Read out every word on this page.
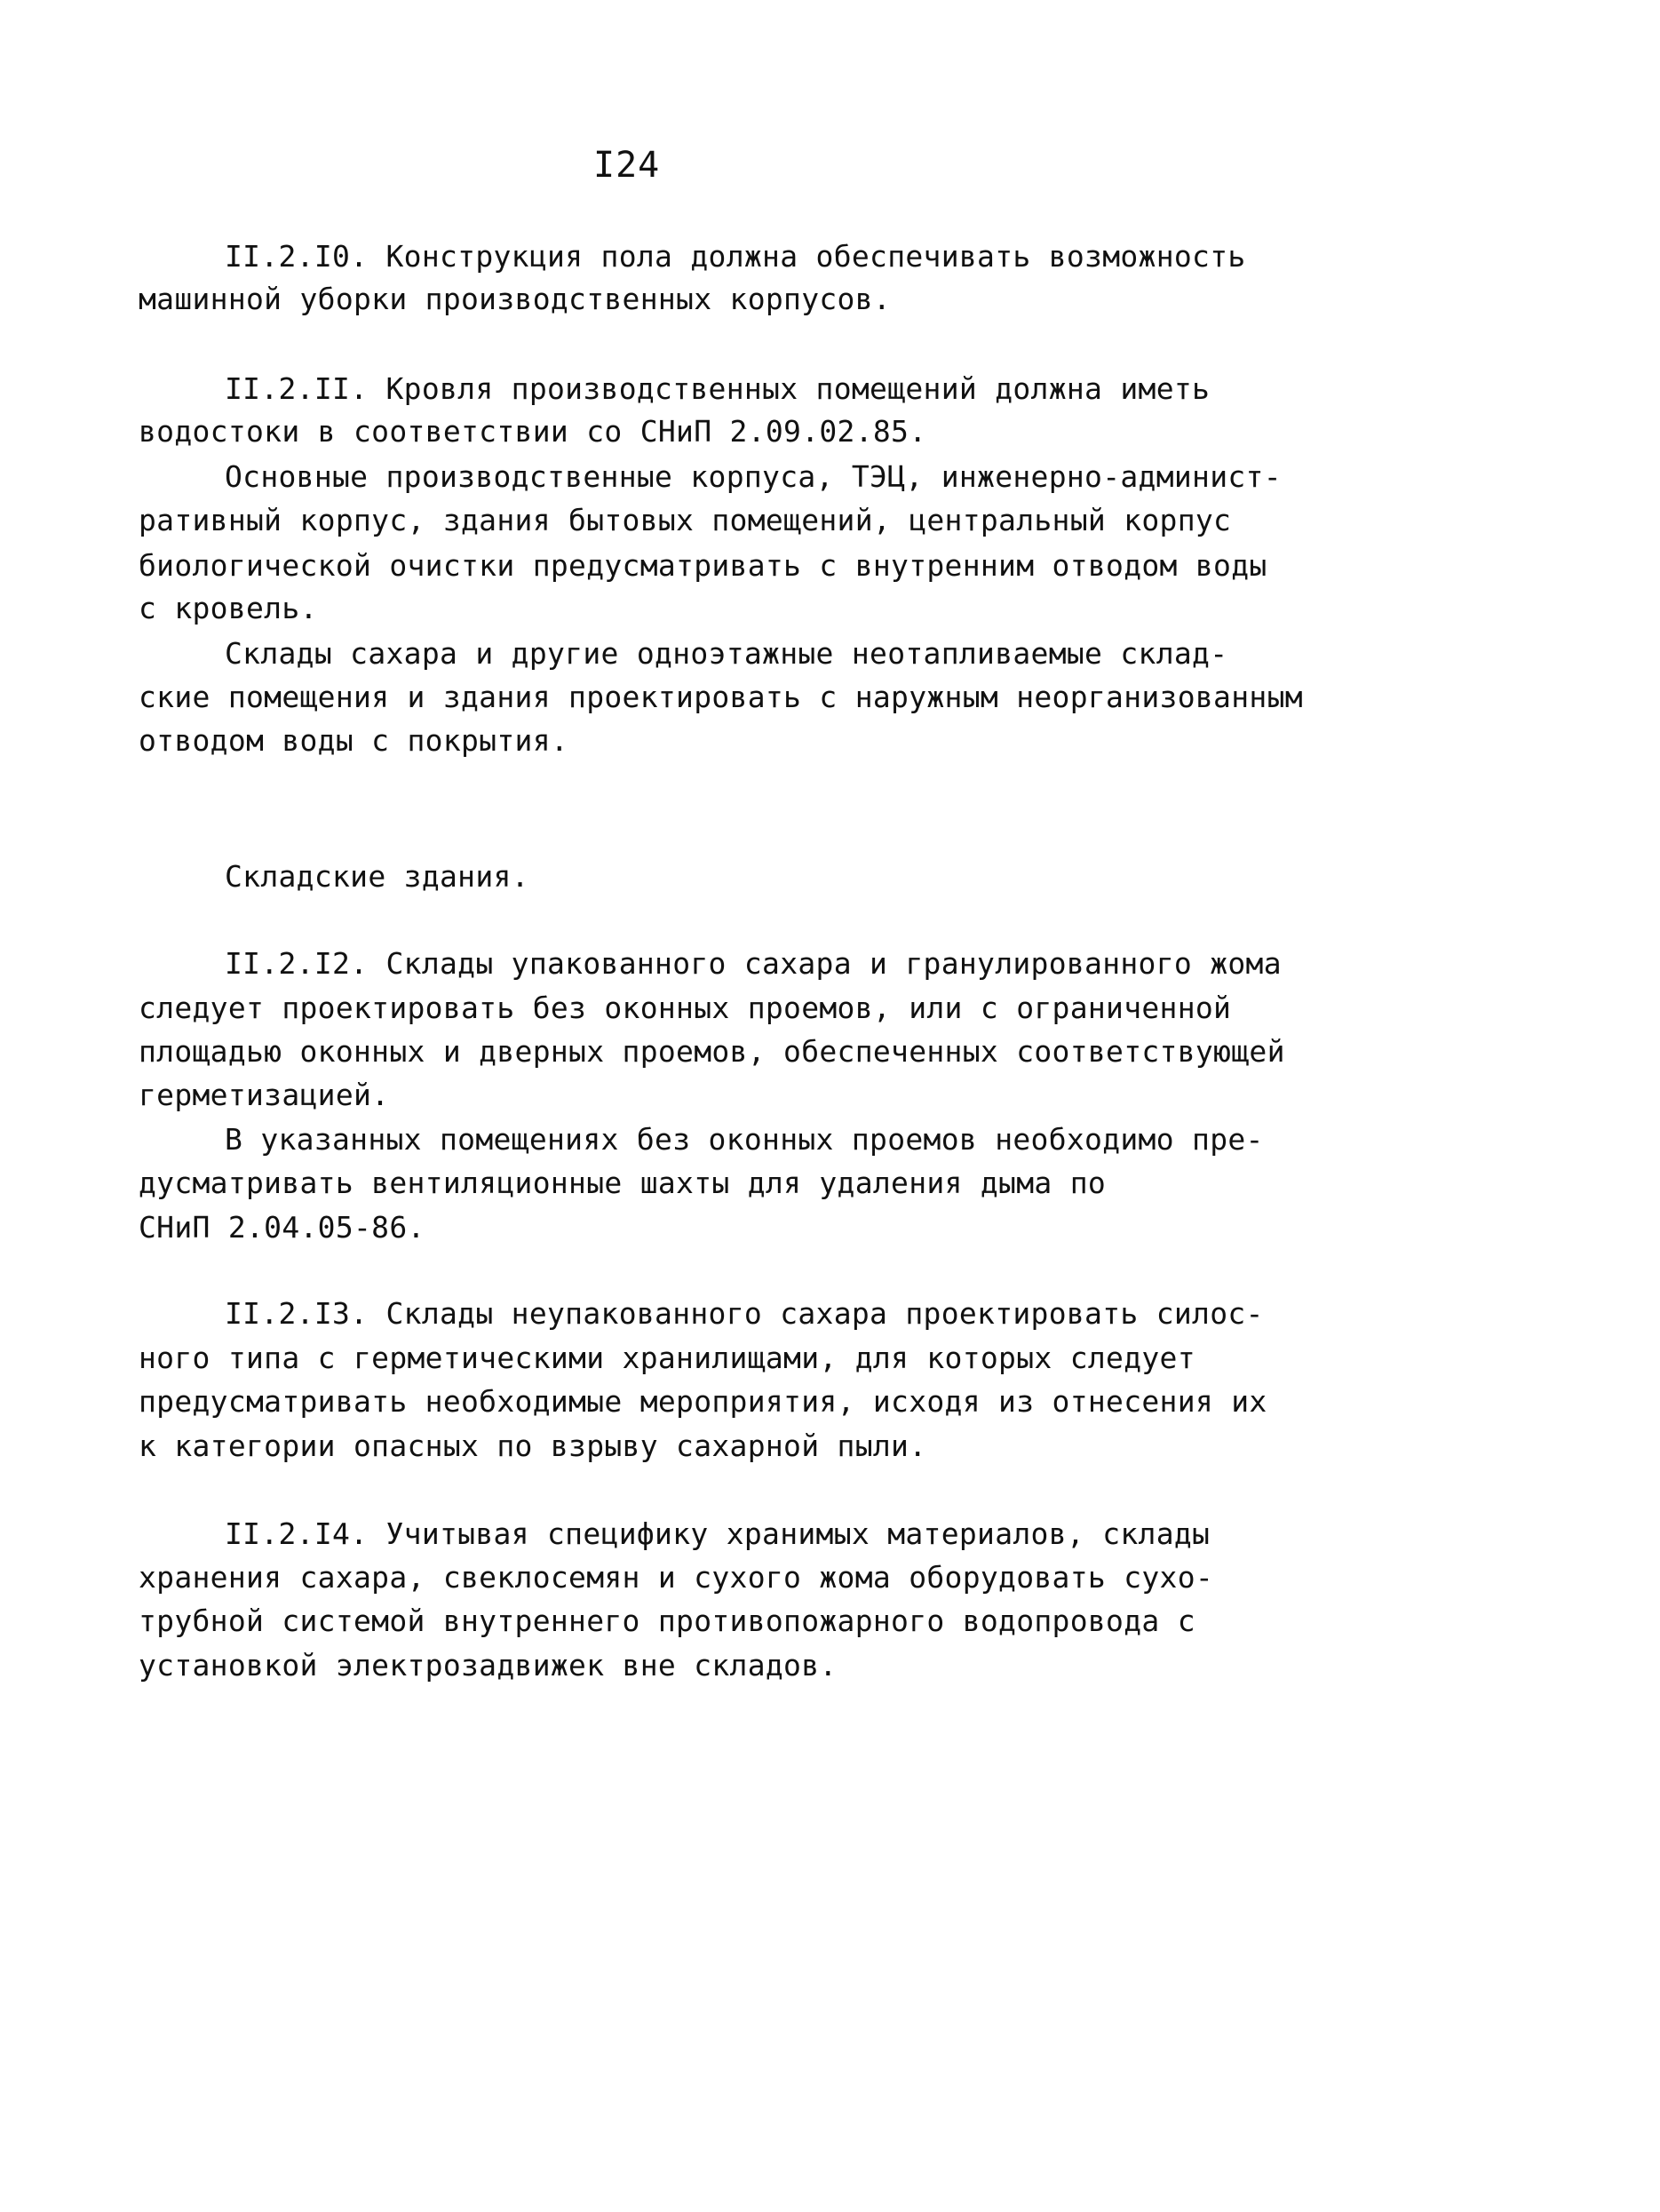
I24
II.2.I0. Конструкция пола должна обеспечивать возможность
машинной уборки производственных корпусов.
II.2.II. Кровля производственных помещений должна иметь
водостоки в соответствии со СНиП 2.09.02.85.
Основные производственные корпуса, ТЭЦ, инженерно-админист-
ративный корпус, здания бытовых помещений, центральный корпус
биологической очистки предусматривать с внутренним отводом воды
с кровель.
Склады сахара и другие одноэтажные неотапливаемые склад-
ские помещения и здания проектировать с наружным неорганизованным
отводом воды с покрытия.
Складские здания.
II.2.I2. Склады упакованного сахара и гранулированного жома
следует проектировать без оконных проемов, или с ограниченной
площадью оконных и дверных проемов, обеспеченных соответствующей
герметизацией.
В указанных помещениях без оконных проемов необходимо пре-
дусматривать вентиляционные шахты для удаления дыма по
СНиП 2.04.05-86.
II.2.I3. Склады неупакованного сахара проектировать силос-
ного типа с герметическими хранилищами, для которых следует
предусматривать необходимые мероприятия, исходя из отнесения их
к категории опасных по взрыву сахарной пыли.
II.2.I4. Учитывая специфику хранимых материалов, склады
хранения сахара, свеклосемян и сухого жома оборудовать сухо-
трубной системой внутреннего противопожарного водопровода с
установкой электрозадвижек вне складов.
